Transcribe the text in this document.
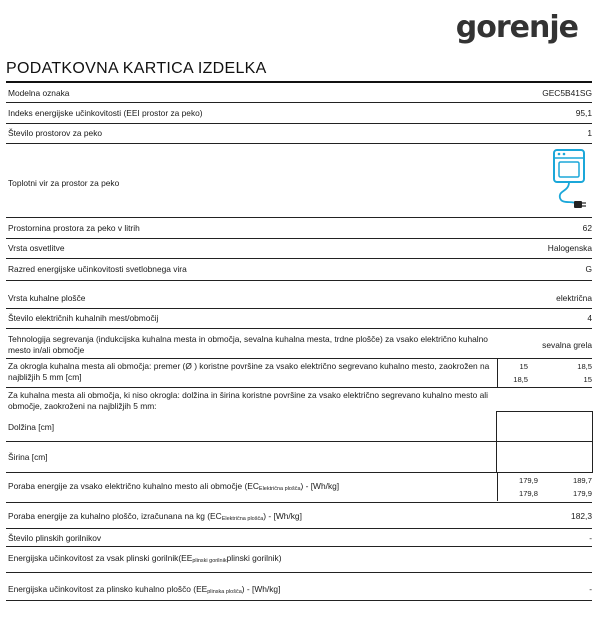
gorenje
PODATKOVNA KARTICA IZDELKA
Modelna oznaka	GEC5B41SG
Indeks energijske učinkovitosti (EEI prostor za peko)	95,1
Število prostorov za peko	1
Toplotni vir za prostor za peko
Prostornina prostora za peko v litrih	62
Vrsta osvetlitve	Halogenska
Razred energijske učinkovitosti svetlobnega vira	G
Vrsta kuhalne plošče	električna
Število električnih kuhalnih mest/območij	4
Tehnologija segrevanja (indukcijska kuhalna mesta in območja, sevalna kuhalna mesta, trdne plošče) za vsako električno kuhalno mesto in/ali območje	sevalna grela
Za okrogla kuhalna mesta ali območja: premer (Ø ) koristne površine za vsako električno segrevano kuhalno mesto, zaokrožen na najbližjih 5 mm [cm]
15	18,5
18,5	15
Za kuhalna mesta ali območja, ki niso okrogla: dolžina in širina koristne površine za vsako električno segrevano kuhalno mesto ali območje, zaokroženi na najbližjih 5 mm:
Dolžina [cm]
Širina [cm]
Poraba energije za vsako električno kuhalno mesto ali območje (ECElektrična plošča) - [Wh/kg]
179,9	189,7
179,8	179,9
Poraba energije za kuhalno ploščo, izračunana na kg (ECElektrična plošča) - [Wh/kg]	182,3
Število plinskih gorilnikov	-
Energijska učinkovitost za vsak plinski gorilnik(EEplinski gorilnikplinski gorilnik)
Energijska učinkovitost za plinsko kuhalno ploščo (EEplinska plošča) - [Wh/kg]	-
